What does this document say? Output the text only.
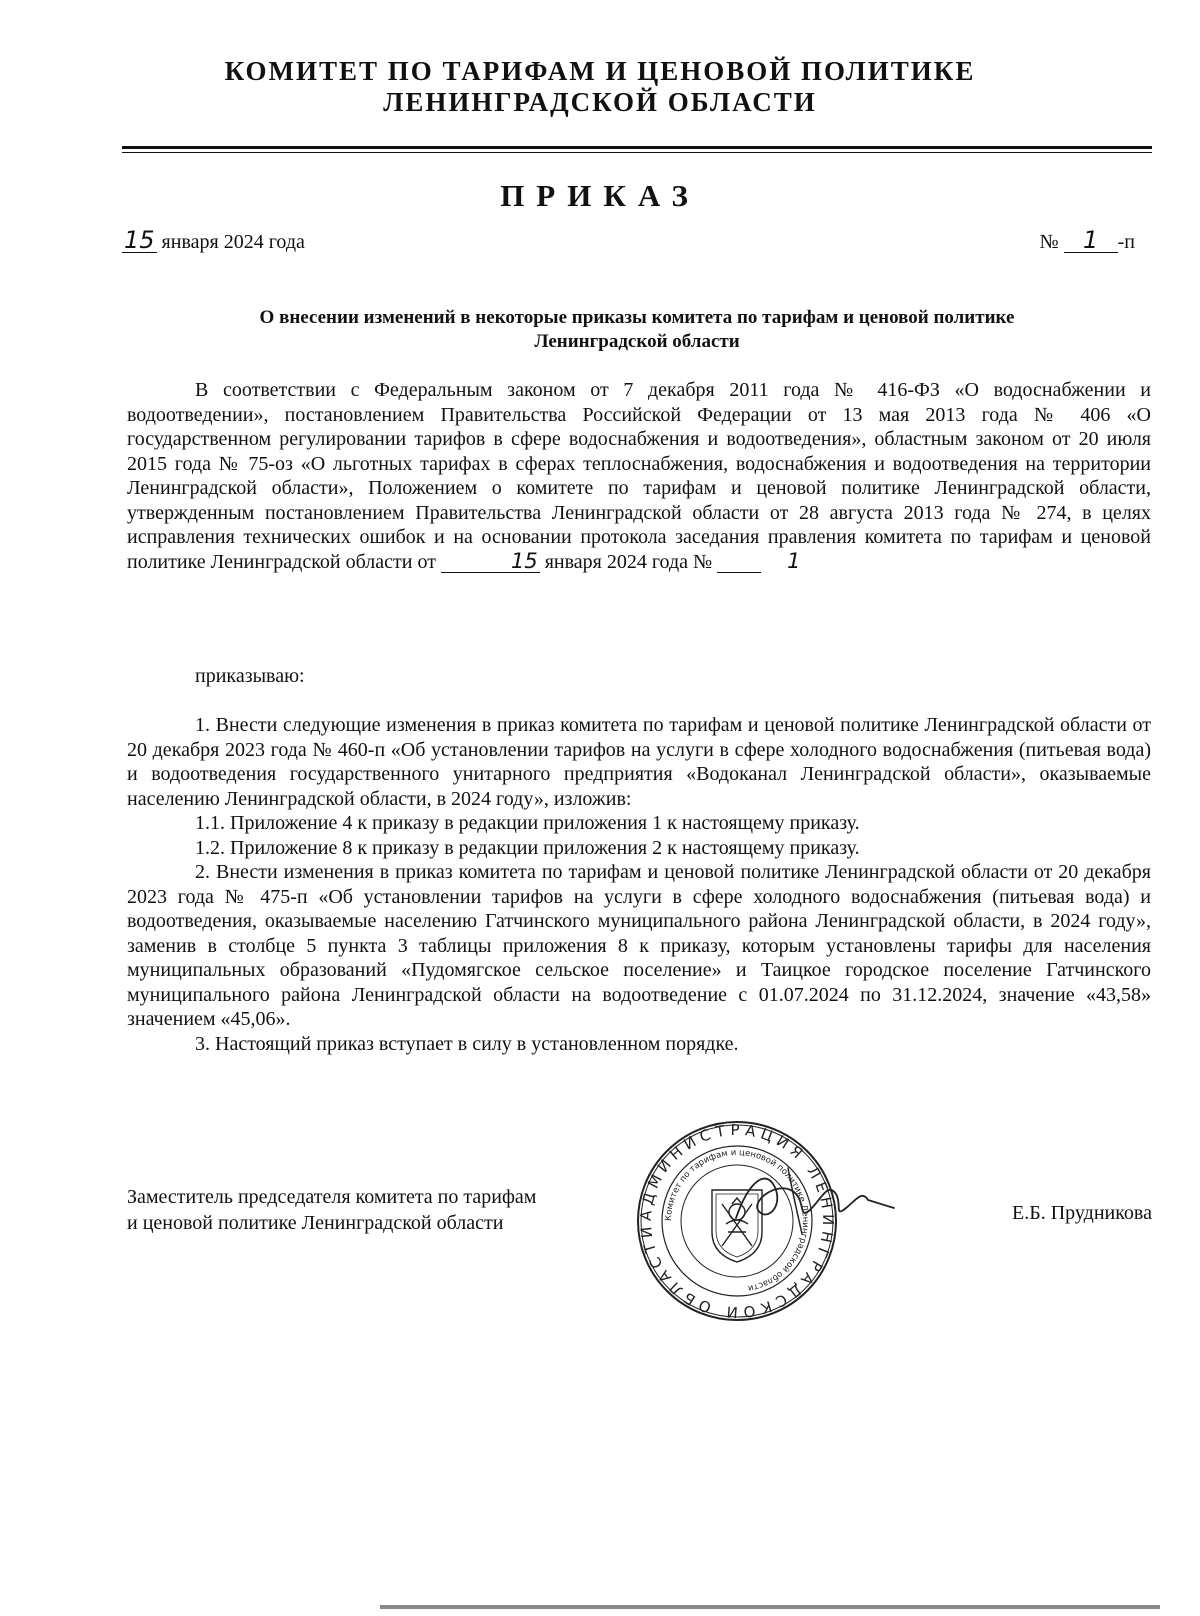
КОМИТЕТ ПО ТАРИФАМ И ЦЕНОВОЙ ПОЛИТИКЕ
ЛЕНИНГРАДСКОЙ ОБЛАСТИ
ПРИКАЗ
15 января 2024 года	№ 1 -п
О внесении изменений в некоторые приказы комитета по тарифам и ценовой политике
Ленинградской области

В соответствии с Федеральным законом от 7 декабря 2011 года № 416-ФЗ «О водоснабжении и водоотведении», постановлением Правительства Российской Федерации от 13 мая 2013 года № 406 «О государственном регулировании тарифов в сфере водоснабжения и водоотведения», областным законом от 20 июля 2015 года № 75-оз «О льготных тарифах в сферах теплоснабжения, водоснабжения и водоотведения на территории Ленинградской области», Положением о комитете по тарифам и ценовой политике Ленинградской области, утвержденным постановлением Правительства Ленинградской области от 28 августа 2013 года № 274, в целях исправления технических ошибок и на основании протокола заседания правления комитета по тарифам и ценовой политике Ленинградской области от	15 января 2024 года №	1

приказываю:

1. Внести следующие изменения в приказ комитета по тарифам и ценовой политике Ленинградской области от 20 декабря 2023 года № 460-п «Об установлении тарифов на услуги в сфере холодного водоснабжения (питьевая вода) и водоотведения государственного унитарного предприятия «Водоканал Ленинградской области», оказываемые населению Ленинградской области, в 2024 году», изложив:

1.1. Приложение 4 к приказу в редакции приложения 1 к настоящему приказу.

1.2. Приложение 8 к приказу в редакции приложения 2 к настоящему приказу.

2. Внести изменения в приказ комитета по тарифам и ценовой политике Ленинградской области от 20 декабря 2023 года № 475-п «Об установлении тарифов на услуги в сфере холодного водоснабжения (питьевая вода) и водоотведения, оказываемые населению Гатчинского муниципального района Ленинградской области, в 2024 году», заменив в столбце 5 пункта 3 таблицы приложения 8 к приказу, которым установлены тарифы для населения муниципальных образований «Пудомягское сельское поселение» и Таицкое городское поселение Гатчинского муниципального района Ленинградской области на водоотведение с 01.07.2024 по 31.12.2024, значение «43,58» значением «45,06».

3. Настоящий приказ вступает в силу в установленном порядке.

Заместитель председателя комитета по тарифам
и ценовой политике Ленинградской области	АДМИНИСТРАЦИЯ ЛЕНИНГРАДСКОЙ ОБЛАСТИ
Комитет по тарифам и ценовой политике Ленинградской области
Е.Б. Прудникова
